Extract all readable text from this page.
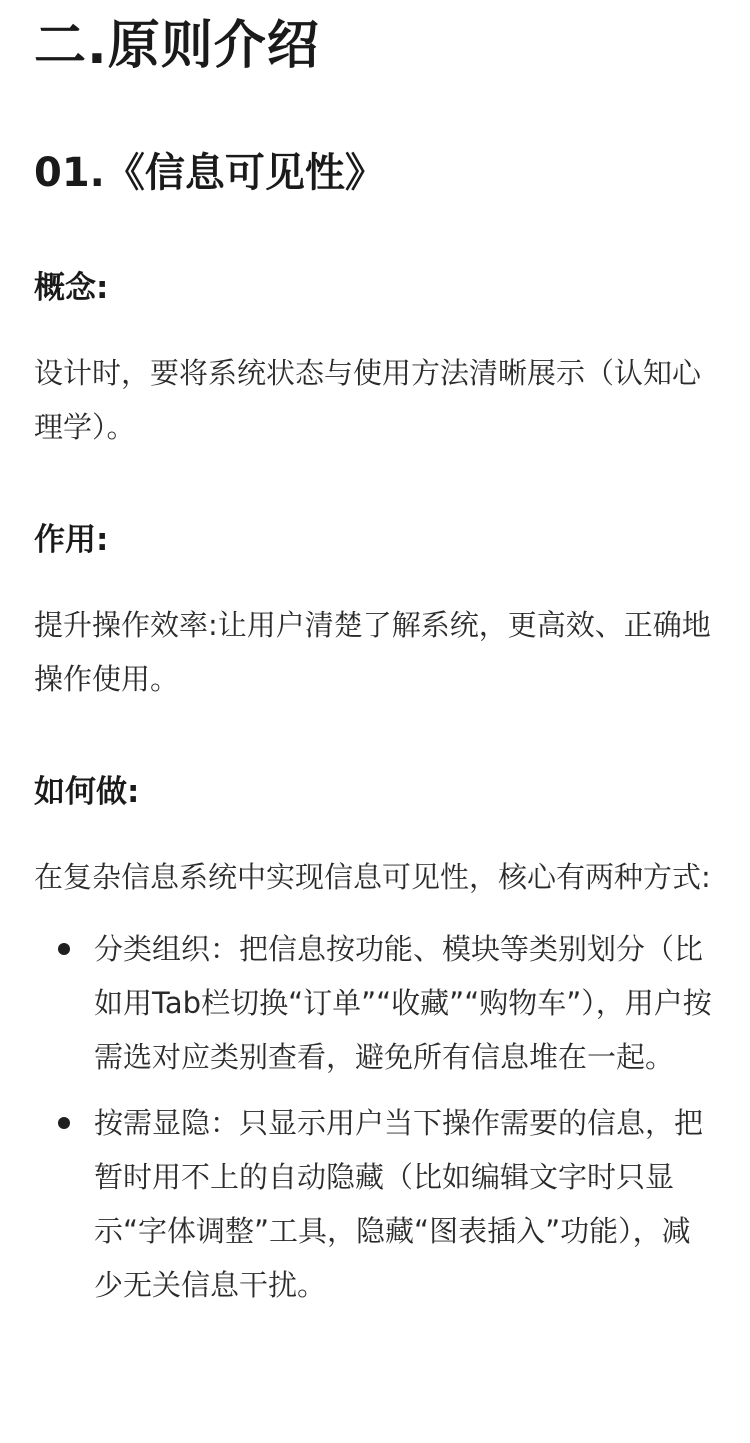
二.原则介绍
01.《信息可见性》
概念:

设计时，要将系统状态与使用方法清晰展示（认知心理学）。

作用:

提升操作效率:让用户清楚了解系统，更高效、正确地操作使用。

如何做:

在复杂信息系统中实现信息可见性，核心有两种方式:

分类组织：把信息按功能、模块等类别划分（比如用Tab栏切换“订单”“收藏”“购物车”），用户按需选对应类别查看，避免所有信息堆在一起。
按需显隐：只显示用户当下操作需要的信息，把暂时用不上的自动隐藏（比如编辑文字时只显示“字体调整”工具，隐藏“图表插入”功能），减少无关信息干扰。
